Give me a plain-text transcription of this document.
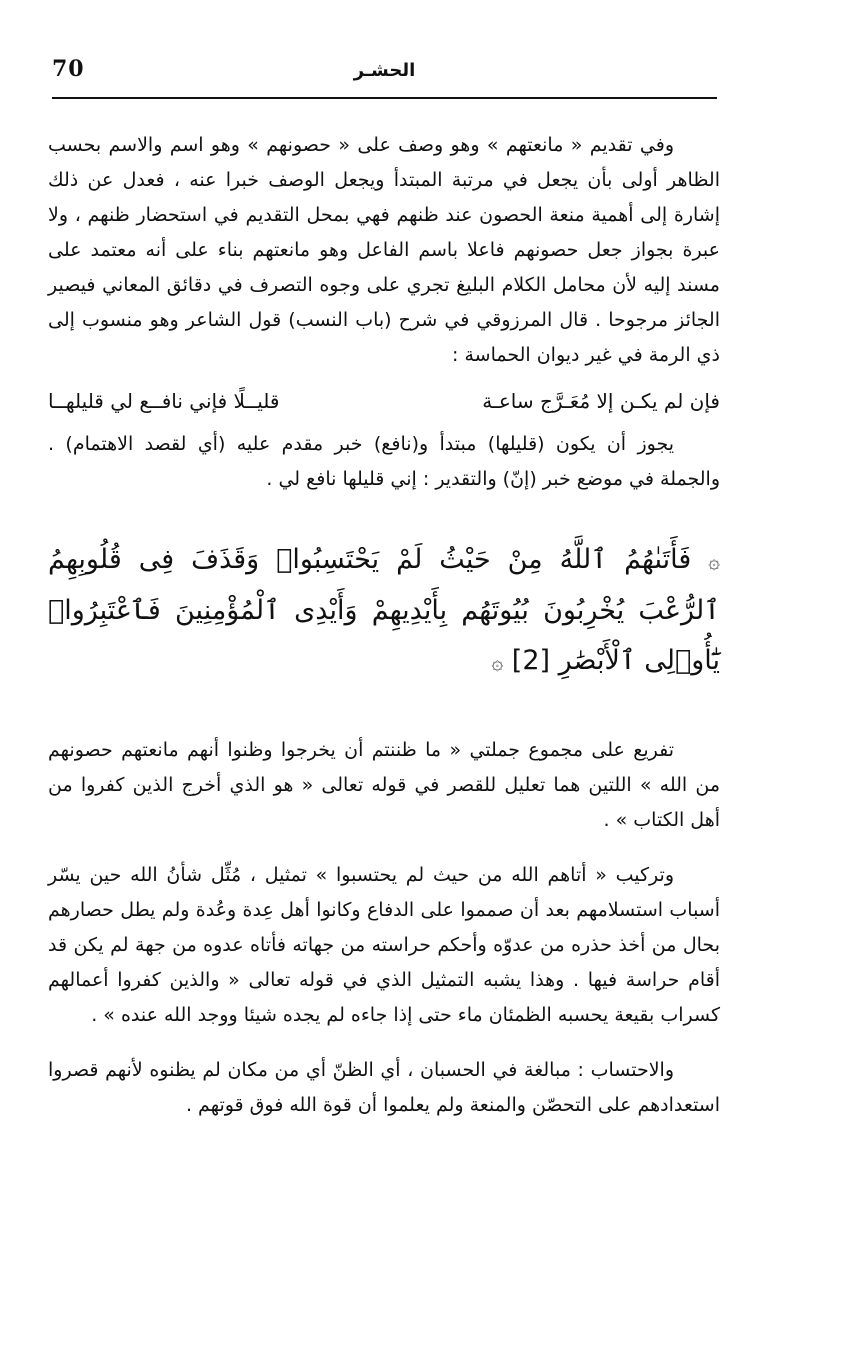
70	الحشـر

وفي تقديم « مانعتهم » وهو وصف على « حصونهم » وهو اسم والاسم بحسب الظاهر أولى بأن يجعل في مرتبة المبتدأ ويجعل الوصف خبرا عنه ، فعدل عن ذلك إشارة إلى أهمية منعة الحصون عند ظنهم فهي بمحل التقديم في استحضار ظنهم ، ولا عبرة بجواز جعل حصونهم فاعلا باسم الفاعل وهو مانعتهم بناء على أنه معتمد على مسند إليه لأن محامل الكلام البليغ تجري على وجوه التصرف في دقائق المعاني فيصير الجائز مرجوحا . قال المرزوقي في شرح (باب النسب) قول الشاعر وهو منسوب إلى ذي الرمة في غير ديوان الحماسة :

فإن لم يكـن إلا مُعَـرَّج ساعـة
قليــلًا فإني نافــع لي قليلهــا

يجوز أن يكون (قليلها) مبتدأ و(نافع) خبر مقدم عليه (أي لقصد الاهتمام) . والجملة في موضع خبر (إنّ) والتقدير : إني قليلها نافع لي .

۞ فَأَتَىٰهُمُ ٱللَّهُ مِنْ حَيْثُ لَمْ يَحْتَسِبُوا۟ وَقَذَفَ فِى قُلُوبِهِمُ ٱلرُّعْبَ يُخْرِبُونَ بُيُوتَهُم بِأَيْدِيهِمْ وَأَيْدِى ٱلْمُؤْمِنِينَ فَٱعْتَبِرُوا۟ يَٰٓأُو۟لِى ٱلْأَبْصَٰرِ [2] ۞

تفريع على مجموع جملتي « ما ظننتم أن يخرجوا وظنوا أنهم مانعتهم حصونهم من الله » اللتين هما تعليل للقصر في قوله تعالى « هو الذي أخرج الذين كفروا من أهل الكتاب » .

وتركيب « أتاهم الله من حيث لم يحتسبوا » تمثيل ، مُثِّل شأنُ الله حين يسّر أسباب استسلامهم بعد أن صمموا على الدفاع وكانوا أهل عِدة وعُدة ولم يطل حصارهم بحال من أخذ حذره من عدوّه وأحكم حراسته من جهاته فأتاه عدوه من جهة لم يكن قد أقام حراسة فيها . وهذا يشبه التمثيل الذي في قوله تعالى « والذين كفروا أعمالهم كسراب بقيعة يحسبه الظمئان ماء حتى إذا جاءه لم يجده شيئا ووجد الله عنده » .

والاحتساب : مبالغة في الحسبان ، أي الظنّ أي من مكان لم يظنوه لأنهم قصروا استعدادهم على التحصّن والمنعة ولم يعلموا أن قوة الله فوق قوتهم .
